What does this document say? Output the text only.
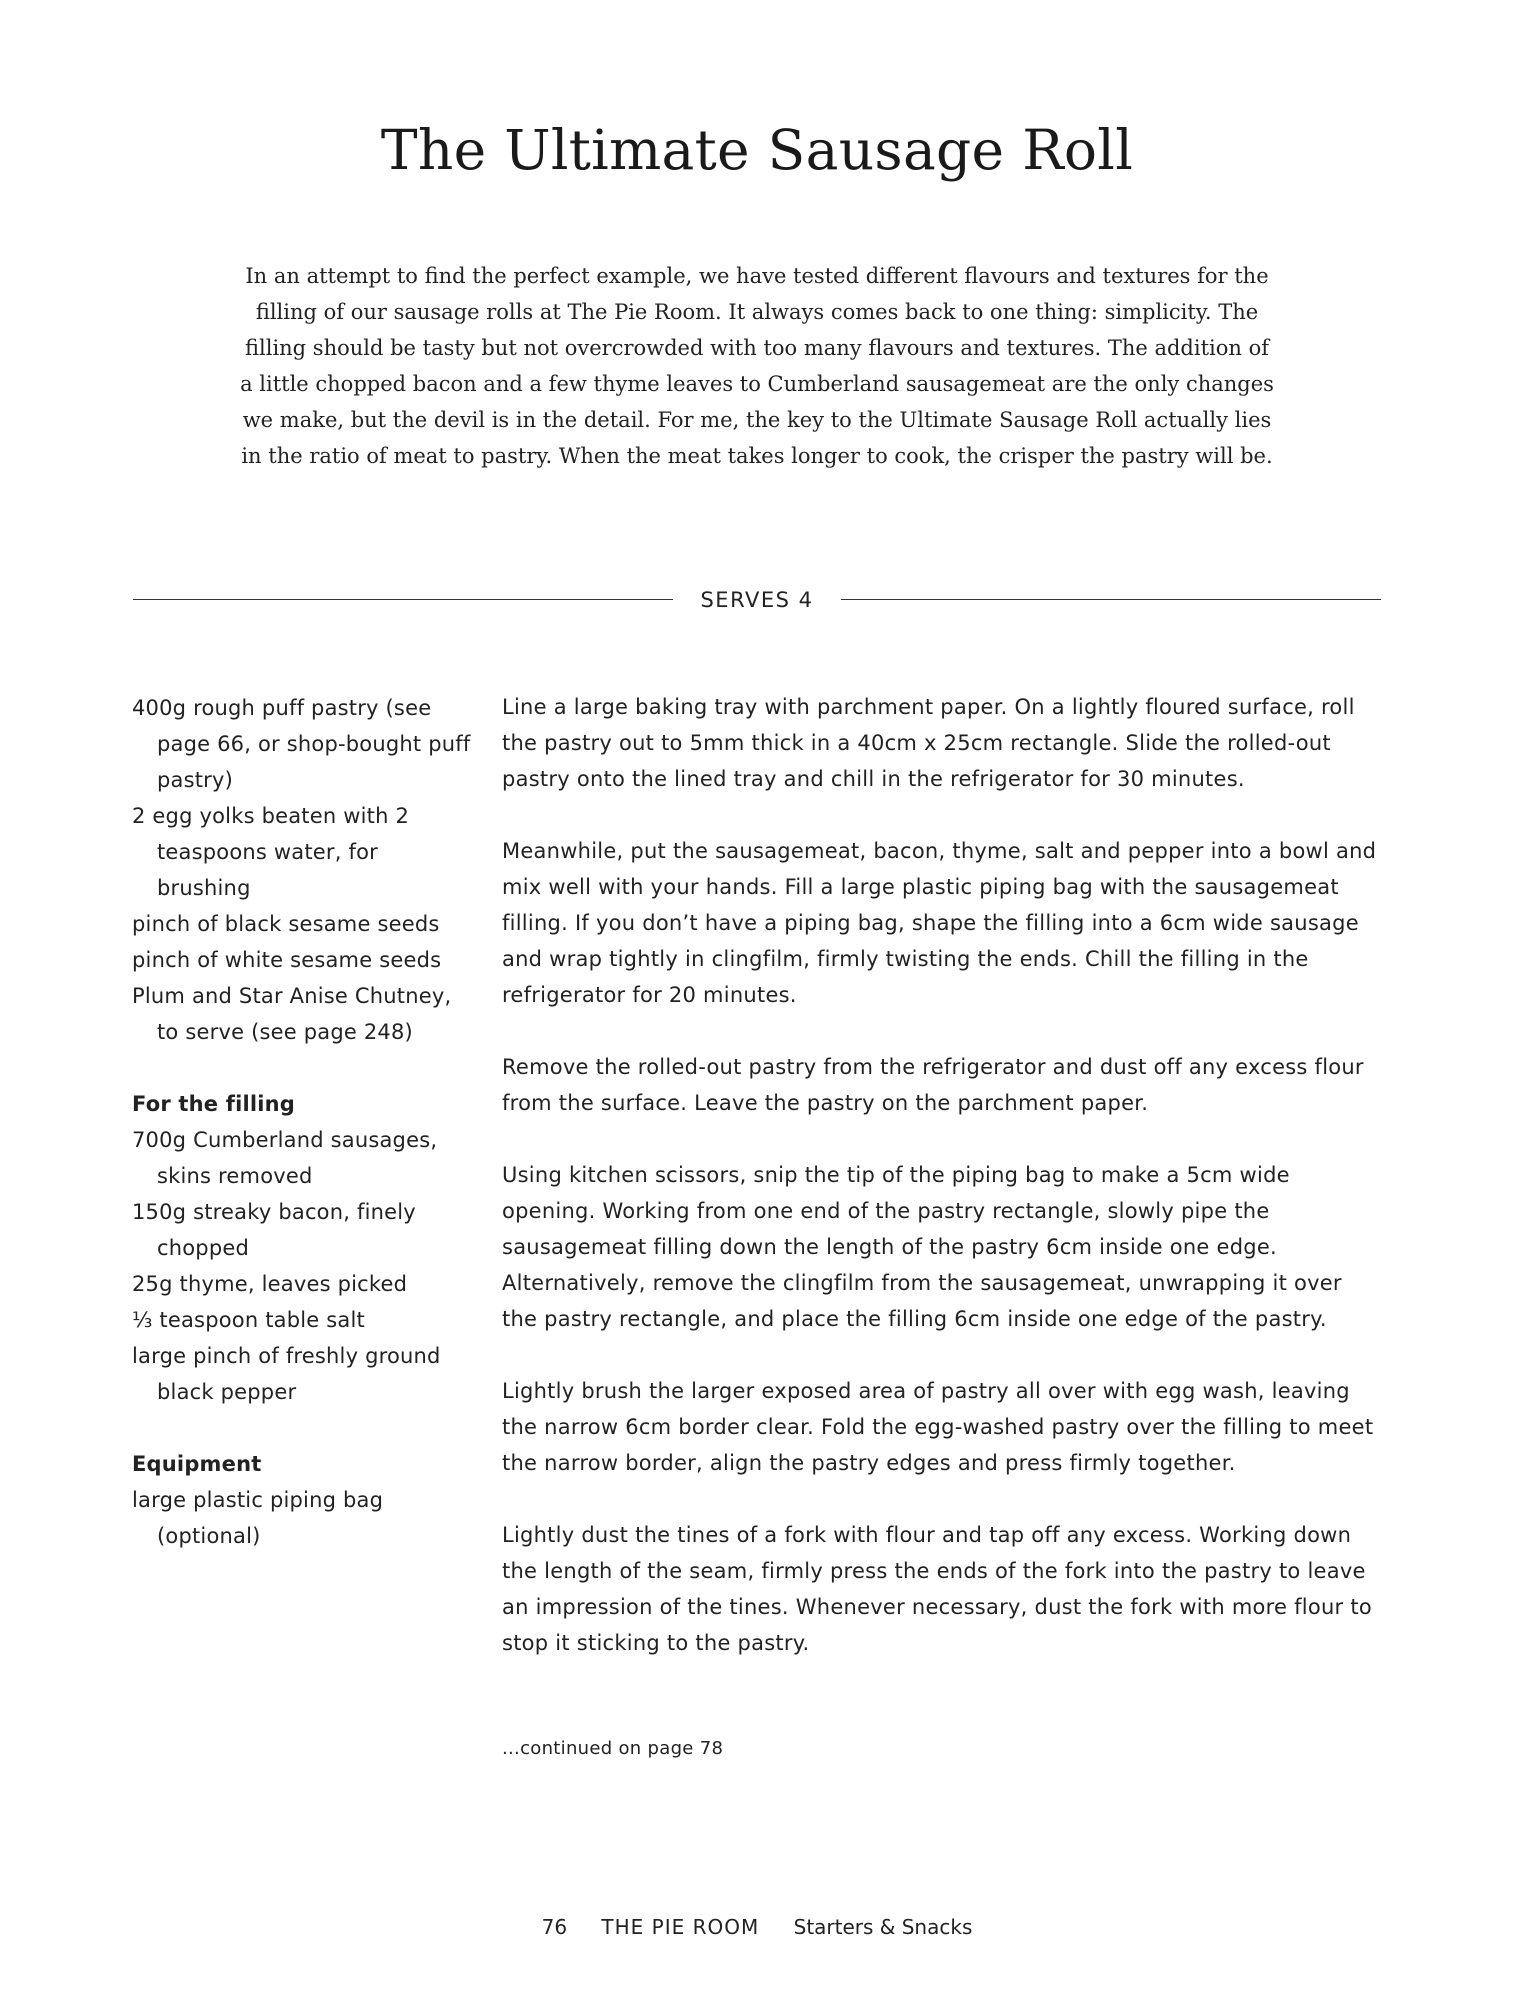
The Ultimate Sausage Roll

In an attempt to find the perfect example, we have tested different flavours and textures for the filling of our sausage rolls at The Pie Room. It always comes back to one thing: simplicity. The filling should be tasty but not overcrowded with too many flavours and textures. The addition of a little chopped bacon and a few thyme leaves to Cumberland sausagemeat are the only changes we make, but the devil is in the detail. For me, the key to the Ultimate Sausage Roll actually lies in the ratio of meat to pastry. When the meat takes longer to cook, the crisper the pastry will be.

SERVES 4

400g rough puff pastry (see page 66, or shop-bought puff pastry)

2 egg yolks beaten with 2 teaspoons water, for brushing

pinch of black sesame seeds

pinch of white sesame seeds

Plum and Star Anise Chutney, to serve (see page 248)

For the filling

700g Cumberland sausages, skins removed

150g streaky bacon, finely chopped

25g thyme, leaves picked

⅓ teaspoon table salt

large pinch of freshly ground black pepper

Equipment

large plastic piping bag (optional)

Line a large baking tray with parchment paper. On a lightly floured surface, roll the pastry out to 5mm thick in a 40cm x 25cm rectangle. Slide the rolled-out pastry onto the lined tray and chill in the refrigerator for 30 minutes.

Meanwhile, put the sausagemeat, bacon, thyme, salt and pepper into a bowl and mix well with your hands. Fill a large plastic piping bag with the sausagemeat filling. If you don’t have a piping bag, shape the filling into a 6cm wide sausage and wrap tightly in clingfilm, firmly twisting the ends. Chill the filling in the refrigerator for 20 minutes.

Remove the rolled-out pastry from the refrigerator and dust off any excess flour from the surface. Leave the pastry on the parchment paper.

Using kitchen scissors, snip the tip of the piping bag to make a 5cm wide opening. Working from one end of the pastry rectangle, slowly pipe the sausagemeat filling down the length of the pastry 6cm inside one edge. Alternatively, remove the clingfilm from the sausagemeat, unwrapping it over the pastry rectangle, and place the filling 6cm inside one edge of the pastry.

Lightly brush the larger exposed area of pastry all over with egg wash, leaving the narrow 6cm border clear. Fold the egg-washed pastry over the filling to meet the narrow border, align the pastry edges and press firmly together.

Lightly dust the tines of a fork with flour and tap off any excess. Working down the length of the seam, firmly press the ends of the fork into the pastry to leave an impression of the tines. Whenever necessary, dust the fork with more flour to stop it sticking to the pastry.

...continued on page 78
76 THE PIE ROOM Starters & Snacks
